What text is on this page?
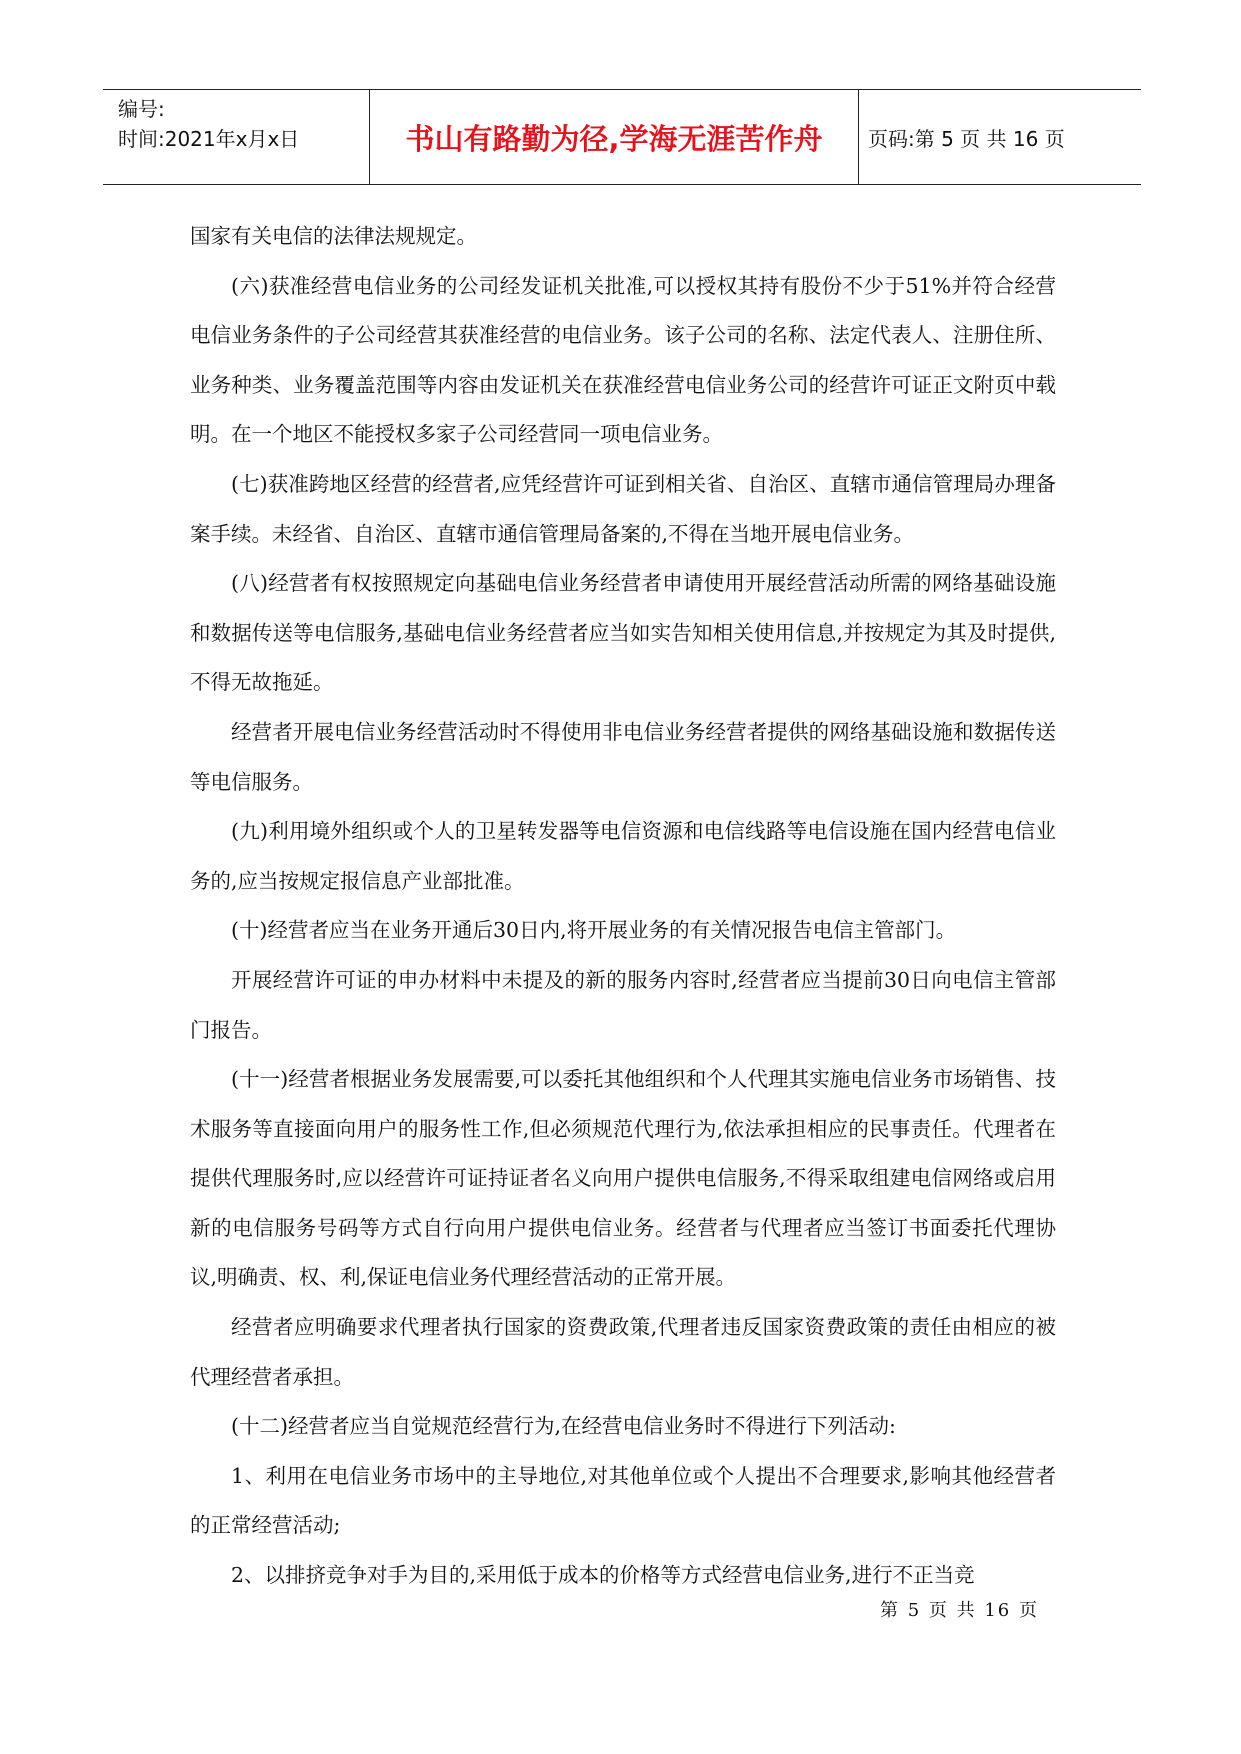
编号:
时间:2021年x月x日	书山有路勤为径,学海无涯苦作舟	页码:第 5 页 共 16 页

国家有关电信的法律法规规定。

(六)获准经营电信业务的公司经发证机关批准,可以授权其持有股份不少于51%并符合经营电信业务条件的子公司经营其获准经营的电信业务。该子公司的名称、法定代表人、注册住所、业务种类、业务覆盖范围等内容由发证机关在获准经营电信业务公司的经营许可证正文附页中载明。在一个地区不能授权多家子公司经营同一项电信业务。

(七)获准跨地区经营的经营者,应凭经营许可证到相关省、自治区、直辖市通信管理局办理备案手续。未经省、自治区、直辖市通信管理局备案的,不得在当地开展电信业务。

(八)经营者有权按照规定向基础电信业务经营者申请使用开展经营活动所需的网络基础设施和数据传送等电信服务,基础电信业务经营者应当如实告知相关使用信息,并按规定为其及时提供,不得无故拖延。

经营者开展电信业务经营活动时不得使用非电信业务经营者提供的网络基础设施和数据传送等电信服务。

(九)利用境外组织或个人的卫星转发器等电信资源和电信线路等电信设施在国内经营电信业务的,应当按规定报信息产业部批准。

(十)经营者应当在业务开通后30日内,将开展业务的有关情况报告电信主管部门。

开展经营许可证的申办材料中未提及的新的服务内容时,经营者应当提前30日向电信主管部门报告。

(十一)经营者根据业务发展需要,可以委托其他组织和个人代理其实施电信业务市场销售、技术服务等直接面向用户的服务性工作,但必须规范代理行为,依法承担相应的民事责任。代理者在提供代理服务时,应以经营许可证持证者名义向用户提供电信服务,不得采取组建电信网络或启用新的电信服务号码等方式自行向用户提供电信业务。经营者与代理者应当签订书面委托代理协议,明确责、权、利,保证电信业务代理经营活动的正常开展。

经营者应明确要求代理者执行国家的资费政策,代理者违反国家资费政策的责任由相应的被代理经营者承担。

(十二)经营者应当自觉规范经营行为,在经营电信业务时不得进行下列活动:

1、利用在电信业务市场中的主导地位,对其他单位或个人提出不合理要求,影响其他经营者的正常经营活动;

2、以排挤竞争对手为目的,采用低于成本的价格等方式经营电信业务,进行不正当竞

第 5 页 共 16 页
